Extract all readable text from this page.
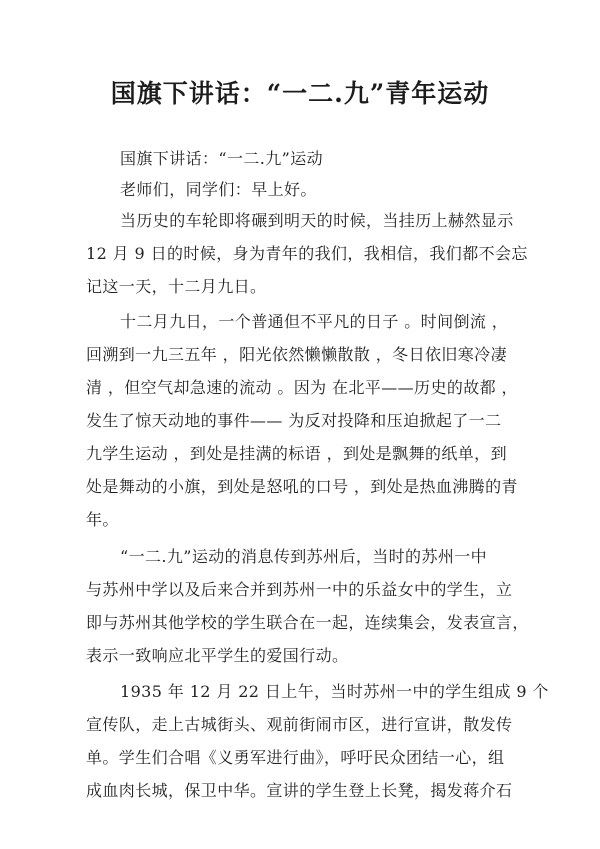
国旗下讲话：“一二.九”青年运动
国旗下讲话：“一二.九”运动
老师们，同学们：早上好。
当历史的车轮即将碾到明天的时候，当挂历上赫然显示
12 月 9 日的时候，身为青年的我们，我相信，我们都不会忘
记这一天，十二月九日。
十二月九日，一个普通但不平凡的日子 。时间倒流 ，
回溯到一九三五年 ，阳光依然懒懒散散 ，冬日依旧寒冷凄
清 ，但空气却急速的流动 。因为 在北平——历史的故都 ，
发生了惊天动地的事件—— 为反对投降和压迫掀起了一二
九学生运动 ，到处是挂满的标语 ，到处是飘舞的纸单，到
处是舞动的小旗，到处是怒吼的口号 ，到处是热血沸腾的青
年。
“一二.九”运动的消息传到苏州后，当时的苏州一中
与苏州中学以及后来合并到苏州一中的乐益女中的学生，立
即与苏州其他学校的学生联合在一起，连续集会，发表宣言，
表示一致响应北平学生的爱国行动。
1935 年 12 月 22 日上午，当时苏州一中的学生组成 9 个
宣传队，走上古城街头、观前街闹市区，进行宣讲，散发传
单。学生们合唱《义勇军进行曲》，呼吁民众团结一心，组
成血肉长城，保卫中华。宣讲的学生登上长凳，揭发蒋介石
